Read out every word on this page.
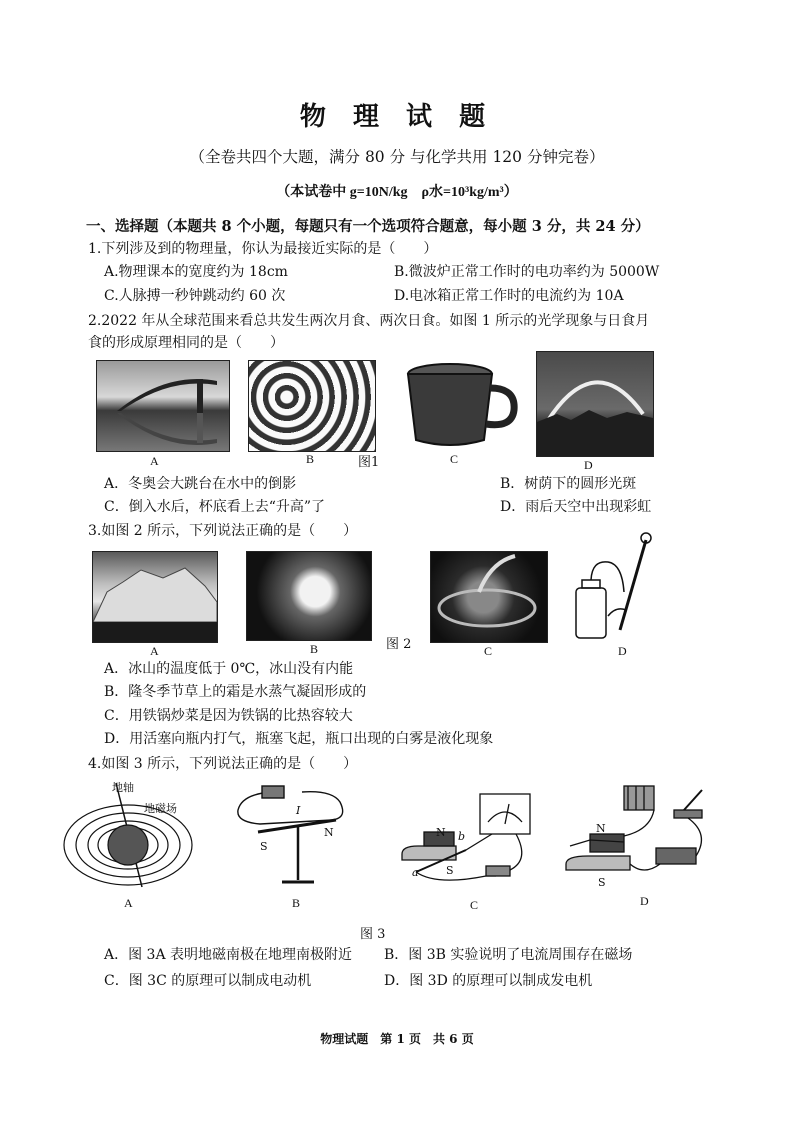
物 理 试 题
（全卷共四个大题，满分 80 分 与化学共用 120 分钟完卷）
（本试卷中 g=10N/kg　ρ水=10³kg/m³）
一、选择题（本题共 8 个小题，每题只有一个选项符合题意，每小题 3 分，共 24 分）
1.下列涉及到的物理量，你认为最接近实际的是（　　）
A.物理课本的宽度约为 18cm	B.微波炉正常工作时的电功率约为 5000W
C.人脉搏一秒钟跳动约 60 次	D.电冰箱正常工作时的电流约为 10A
2.2022 年从全球范围来看总共发生两次月食、两次日食。如图 1 所示的光学现象与日食月
食的形成原理相同的是（　　）
A	B	图1	C	D
A．冬奥会大跳台在水中的倒影	B．树荫下的圆形光斑
C．倒入水后，杯底看上去“升高”了	D．雨后天空中出现彩虹
3.如图 2 所示，下列说法正确的是（　　）
A	B	图 2	C	D
A．冰山的温度低于 0℃，冰山没有内能
B．隆冬季节草上的霜是水蒸气凝固形成的
C．用铁锅炒菜是因为铁锅的比热容较大
D．用活塞向瓶内打气，瓶塞飞起，瓶口出现的白雾是液化现象
4.如图 3 所示，下列说法正确的是（　　）
地轴
地磁场	I
N
S
N b
a S
N
S
A	B	C	D
图 3
A．图 3A 表明地磁南极在地理南极附近 B．图 3B 实验说明了电流周围存在磁场
C．图 3C 的原理可以制成电动机	D．图 3D 的原理可以制成发电机
物理试题　第 1 页　共 6 页
